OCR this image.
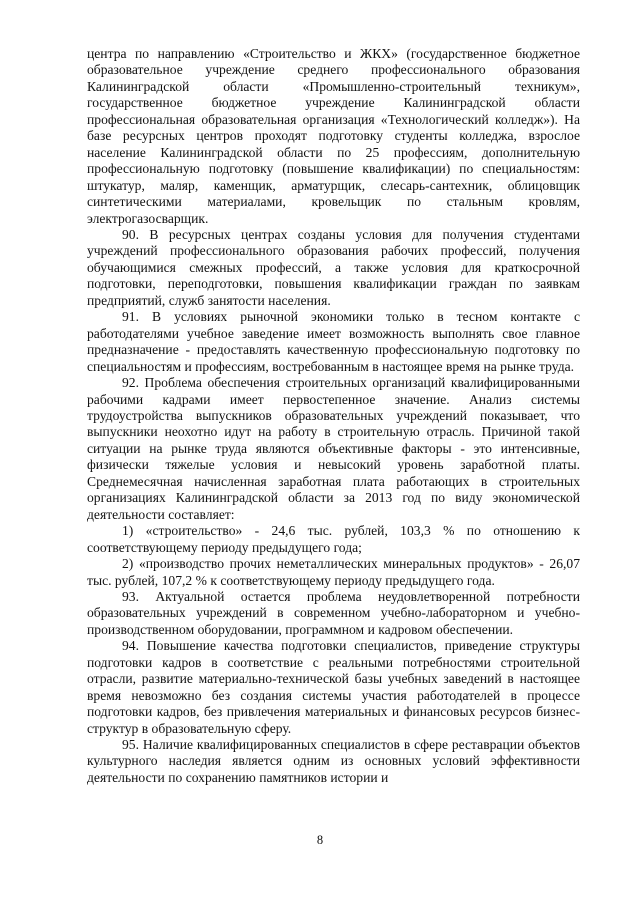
центра по направлению «Строительство и ЖКХ» (государственное бюджетное образовательное учреждение среднего профессионального образования Калининградской области «Промышленно-строительный техникум», государственное бюджетное учреждение Калининградской области профессиональная образовательная организация «Технологический колледж»). На базе ресурсных центров проходят подготовку студенты колледжа, взрослое население Калининградской области по 25 профессиям, дополнительную профессиональную подготовку (повышение квалификации) по специальностям: штукатур, маляр, каменщик, арматурщик, слесарь-сантехник, облицовщик синтетическими материалами, кровельщик по стальным кровлям, электрогазосварщик.

90. В ресурсных центрах созданы условия для получения студентами учреждений профессионального образования рабочих профессий, получения обучающимися смежных профессий, а также условия для краткосрочной подготовки, переподготовки, повышения квалификации граждан по заявкам предприятий, служб занятости населения.

91. В условиях рыночной экономики только в тесном контакте с работодателями учебное заведение имеет возможность выполнять свое главное предназначение - предоставлять качественную профессиональную подготовку по специальностям и профессиям, востребованным в настоящее время на рынке труда.

92. Проблема обеспечения строительных организаций квалифицированными рабочими кадрами имеет первостепенное значение. Анализ системы трудоустройства выпускников образовательных учреждений показывает, что выпускники неохотно идут на работу в строительную отрасль. Причиной такой ситуации на рынке труда являются объективные факторы - это интенсивные, физически тяжелые условия и невысокий уровень заработной платы. Среднемесячная начисленная заработная плата работающих в строительных организациях Калининградской области за 2013 год по виду экономической деятельности составляет:

1) «строительство» - 24,6 тыс. рублей, 103,3 % по отношению к соответствующему периоду предыдущего года;

2) «производство прочих неметаллических минеральных продуктов» - 26,07 тыс. рублей, 107,2 % к соответствующему периоду предыдущего года.

93. Актуальной остается проблема неудовлетворенной потребности образовательных учреждений в современном учебно-лабораторном и учебно-производственном оборудовании, программном и кадровом обеспечении.

94. Повышение качества подготовки специалистов, приведение структуры подготовки кадров в соответствие с реальными потребностями строительной отрасли, развитие материально-технической базы учебных заведений в настоящее время невозможно без создания системы участия работодателей в процессе подготовки кадров, без привлечения материальных и финансовых ресурсов бизнес-структур в образовательную сферу.

95. Наличие квалифицированных специалистов в сфере реставрации объектов культурного наследия является одним из основных условий эффективности деятельности по сохранению памятников истории и

8
